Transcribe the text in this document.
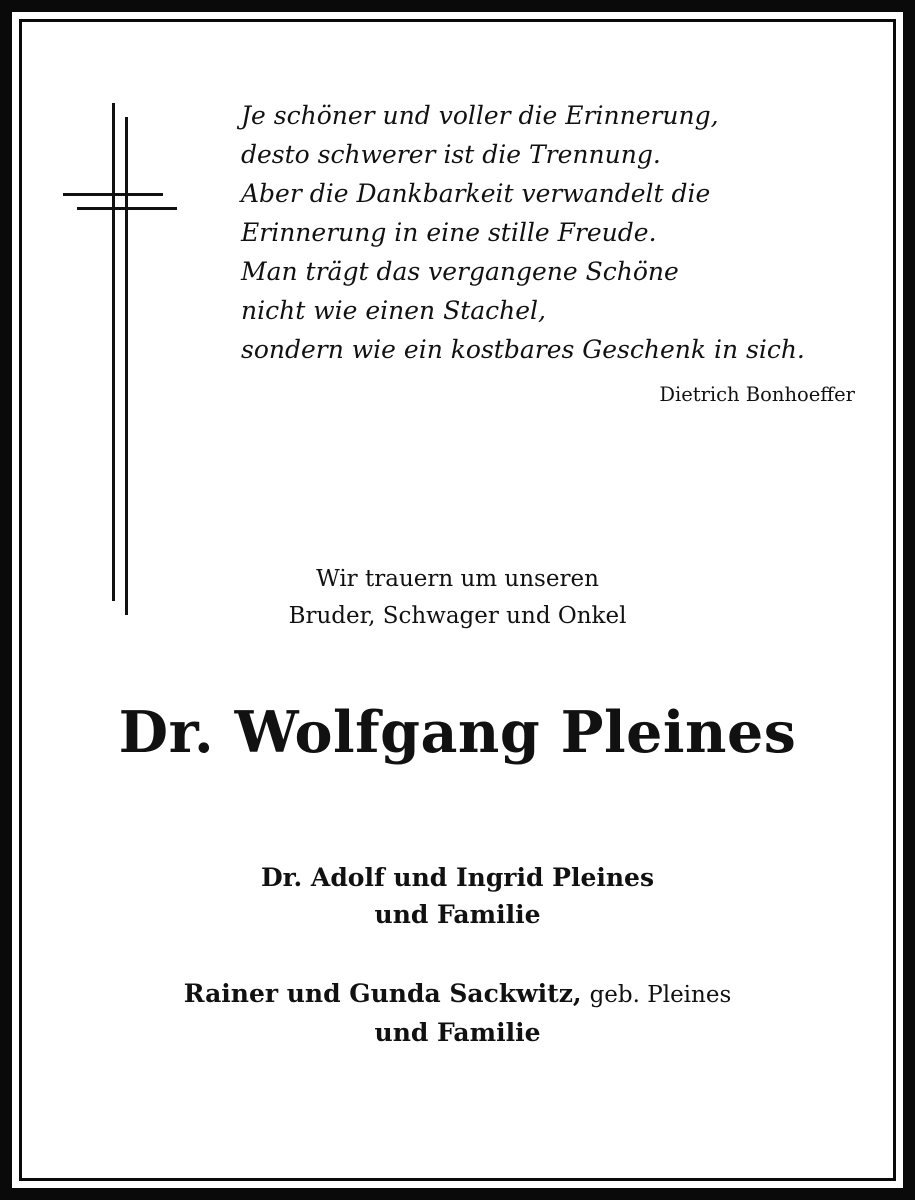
Je schöner und voller die Erinnerung,
desto schwerer ist die Trennung.
Aber die Dankbarkeit verwandelt die
Erinnerung in eine stille Freude.
Man trägt das vergangene Schöne
nicht wie einen Stachel,
sondern wie ein kostbares Geschenk in sich.
Dietrich Bonhoeffer
Wir trauern um unseren
Bruder, Schwager und Onkel
Dr. Wolfgang Pleines
Dr. Adolf und Ingrid Pleines
und Familie
Rainer und Gunda Sackwitz, geb. Pleines
und Familie
